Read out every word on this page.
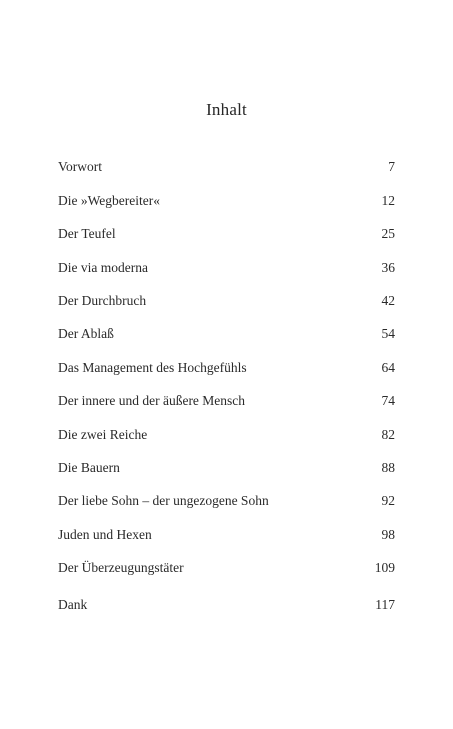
Inhalt
Vorwort	7
Die »Wegbereiter«	12
Der Teufel	25
Die via moderna	36
Der Durchbruch	42
Der Ablaß	54
Das Management des Hochgefühls	64
Der innere und der äußere Mensch	74
Die zwei Reiche	82
Die Bauern	88
Der liebe Sohn – der ungezogene Sohn	92
Juden und Hexen	98
Der Überzeugungstäter	109
Dank	117
